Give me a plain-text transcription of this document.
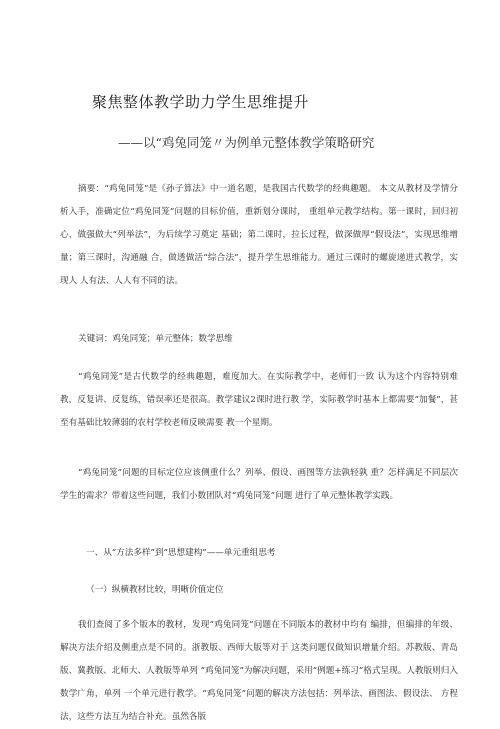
聚焦整体教学助力学生思维提升
——以“鸡兔同笼〃为例单元整体教学策略研究

摘要：“鸡兔同笼”是《孙子算法》中一道名题，是我国古代数学的经典趣题。 本文从教材及学情分析入手，准确定位“鸡兔同笼”问题的目标价值，重新划分课时， 重组单元教学结构。第一课时，回归初心，做强做大“列举法”，为后续学习奠定 基础；第二课时，拉长过程，做深做厚“假设法”，实现思维增量；第三课时，沟通融 合，做透做活“综合法”，提升学生思维能力。通过三课时的螺旋递进式教学，实现人 人有法、人人有不同的法。

关键词：鸡兔同笼；单元整体；数学思维

“鸡兔同笼”是古代数学的经典趣题，难度加大。在实际教学中，老师们一致 认为这个内容特别难教，反复讲、反复练，错误率还是很高。教学建议2课时进行教 学，实际教学时基本上都需要“加餐”，甚至有基础比较薄弱的农村学校老师反映需要 教一个星期。

“鸡兔同笼”问题的目标定位应该侧重什么？列举、假设、画图等方法孰轻孰 重？怎样满足不同层次学生的需求？带着这些问题，我们小数团队对“鸡兔同笼”问题 进行了单元整体教学实践。

一、从“方法多样”到“思想建构”——单元重组思考

（一）纵横教材比较，明晰价值定位

我们查阅了多个版本的教材，发现“鸡兔同笼”问题在不同版本的教材中均有 编排，但编排的年级、解决方法介绍及侧重点是不同的。浙教版、西师大版等对于 这类问题仅做知识增量介绍。苏教版、青岛版、冀教版、北师大、人教版等单列 “鸡兔同笼”为解决问题，采用“例题+练习”格式呈现。人教版则归入数学广角，单列 一个单元进行教学。“鸡兔同笼”问题的解决方法包括：列举法、画图法、假设法、 方程法，这些方法互为结合补充。虽然各版
